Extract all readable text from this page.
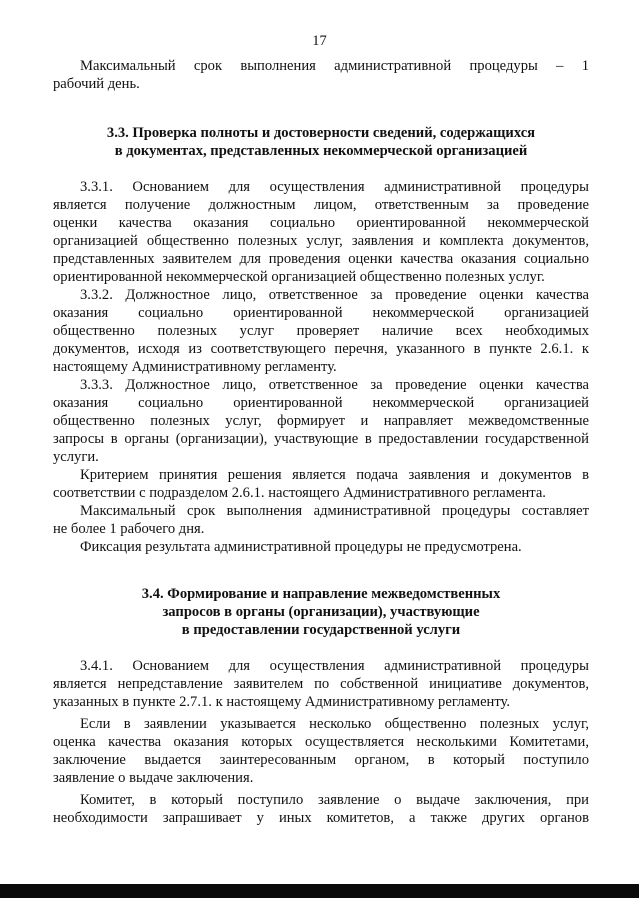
17
Максимальный срок выполнения административной процедуры – 1
рабочий день.
3.3. Проверка полноты и достоверности сведений, содержащихся
в документах, представленных некоммерческой организацией
3.3.1. Основанием для осуществления административной процедуры
является получение должностным лицом, ответственным за проведение
оценки качества оказания социально ориентированной некоммерческой
организацией общественно полезных услуг, заявления и комплекта документов,
представленных заявителем для проведения оценки качества оказания социально
ориентированной некоммерческой организацией общественно полезных услуг.
3.3.2. Должностное лицо, ответственное за проведение оценки качества
оказания социально ориентированной некоммерческой организацией
общественно полезных услуг проверяет наличие всех необходимых
документов, исходя из соответствующего перечня, указанного в пункте 2.6.1. к
настоящему Административному регламенту.
3.3.3. Должностное лицо, ответственное за проведение оценки качества
оказания социально ориентированной некоммерческой организацией
общественно полезных услуг, формирует и направляет межведомственные
запросы в органы (организации), участвующие в предоставлении государственной
услуги.
Критерием принятия решения является подача заявления и документов в
соответствии с подразделом 2.6.1. настоящего Административного регламента.
Максимальный срок выполнения административной процедуры составляет
не более 1 рабочего дня.
Фиксация результата административной процедуры не предусмотрена.
3.4. Формирование и направление межведомственных
запросов в органы (организации), участвующие
в предоставлении государственной услуги
3.4.1. Основанием для осуществления административной процедуры
является непредставление заявителем по собственной инициативе документов,
указанных в пункте 2.7.1. к настоящему Административному регламенту.
Если в заявлении указывается несколько общественно полезных услуг,
оценка качества оказания которых осуществляется несколькими Комитетами,
заключение выдается заинтересованным органом, в который поступило
заявление о выдаче заключения.
Комитет, в который поступило заявление о выдаче заключения, при
необходимости запрашивает у иных комитетов, а также других органов
